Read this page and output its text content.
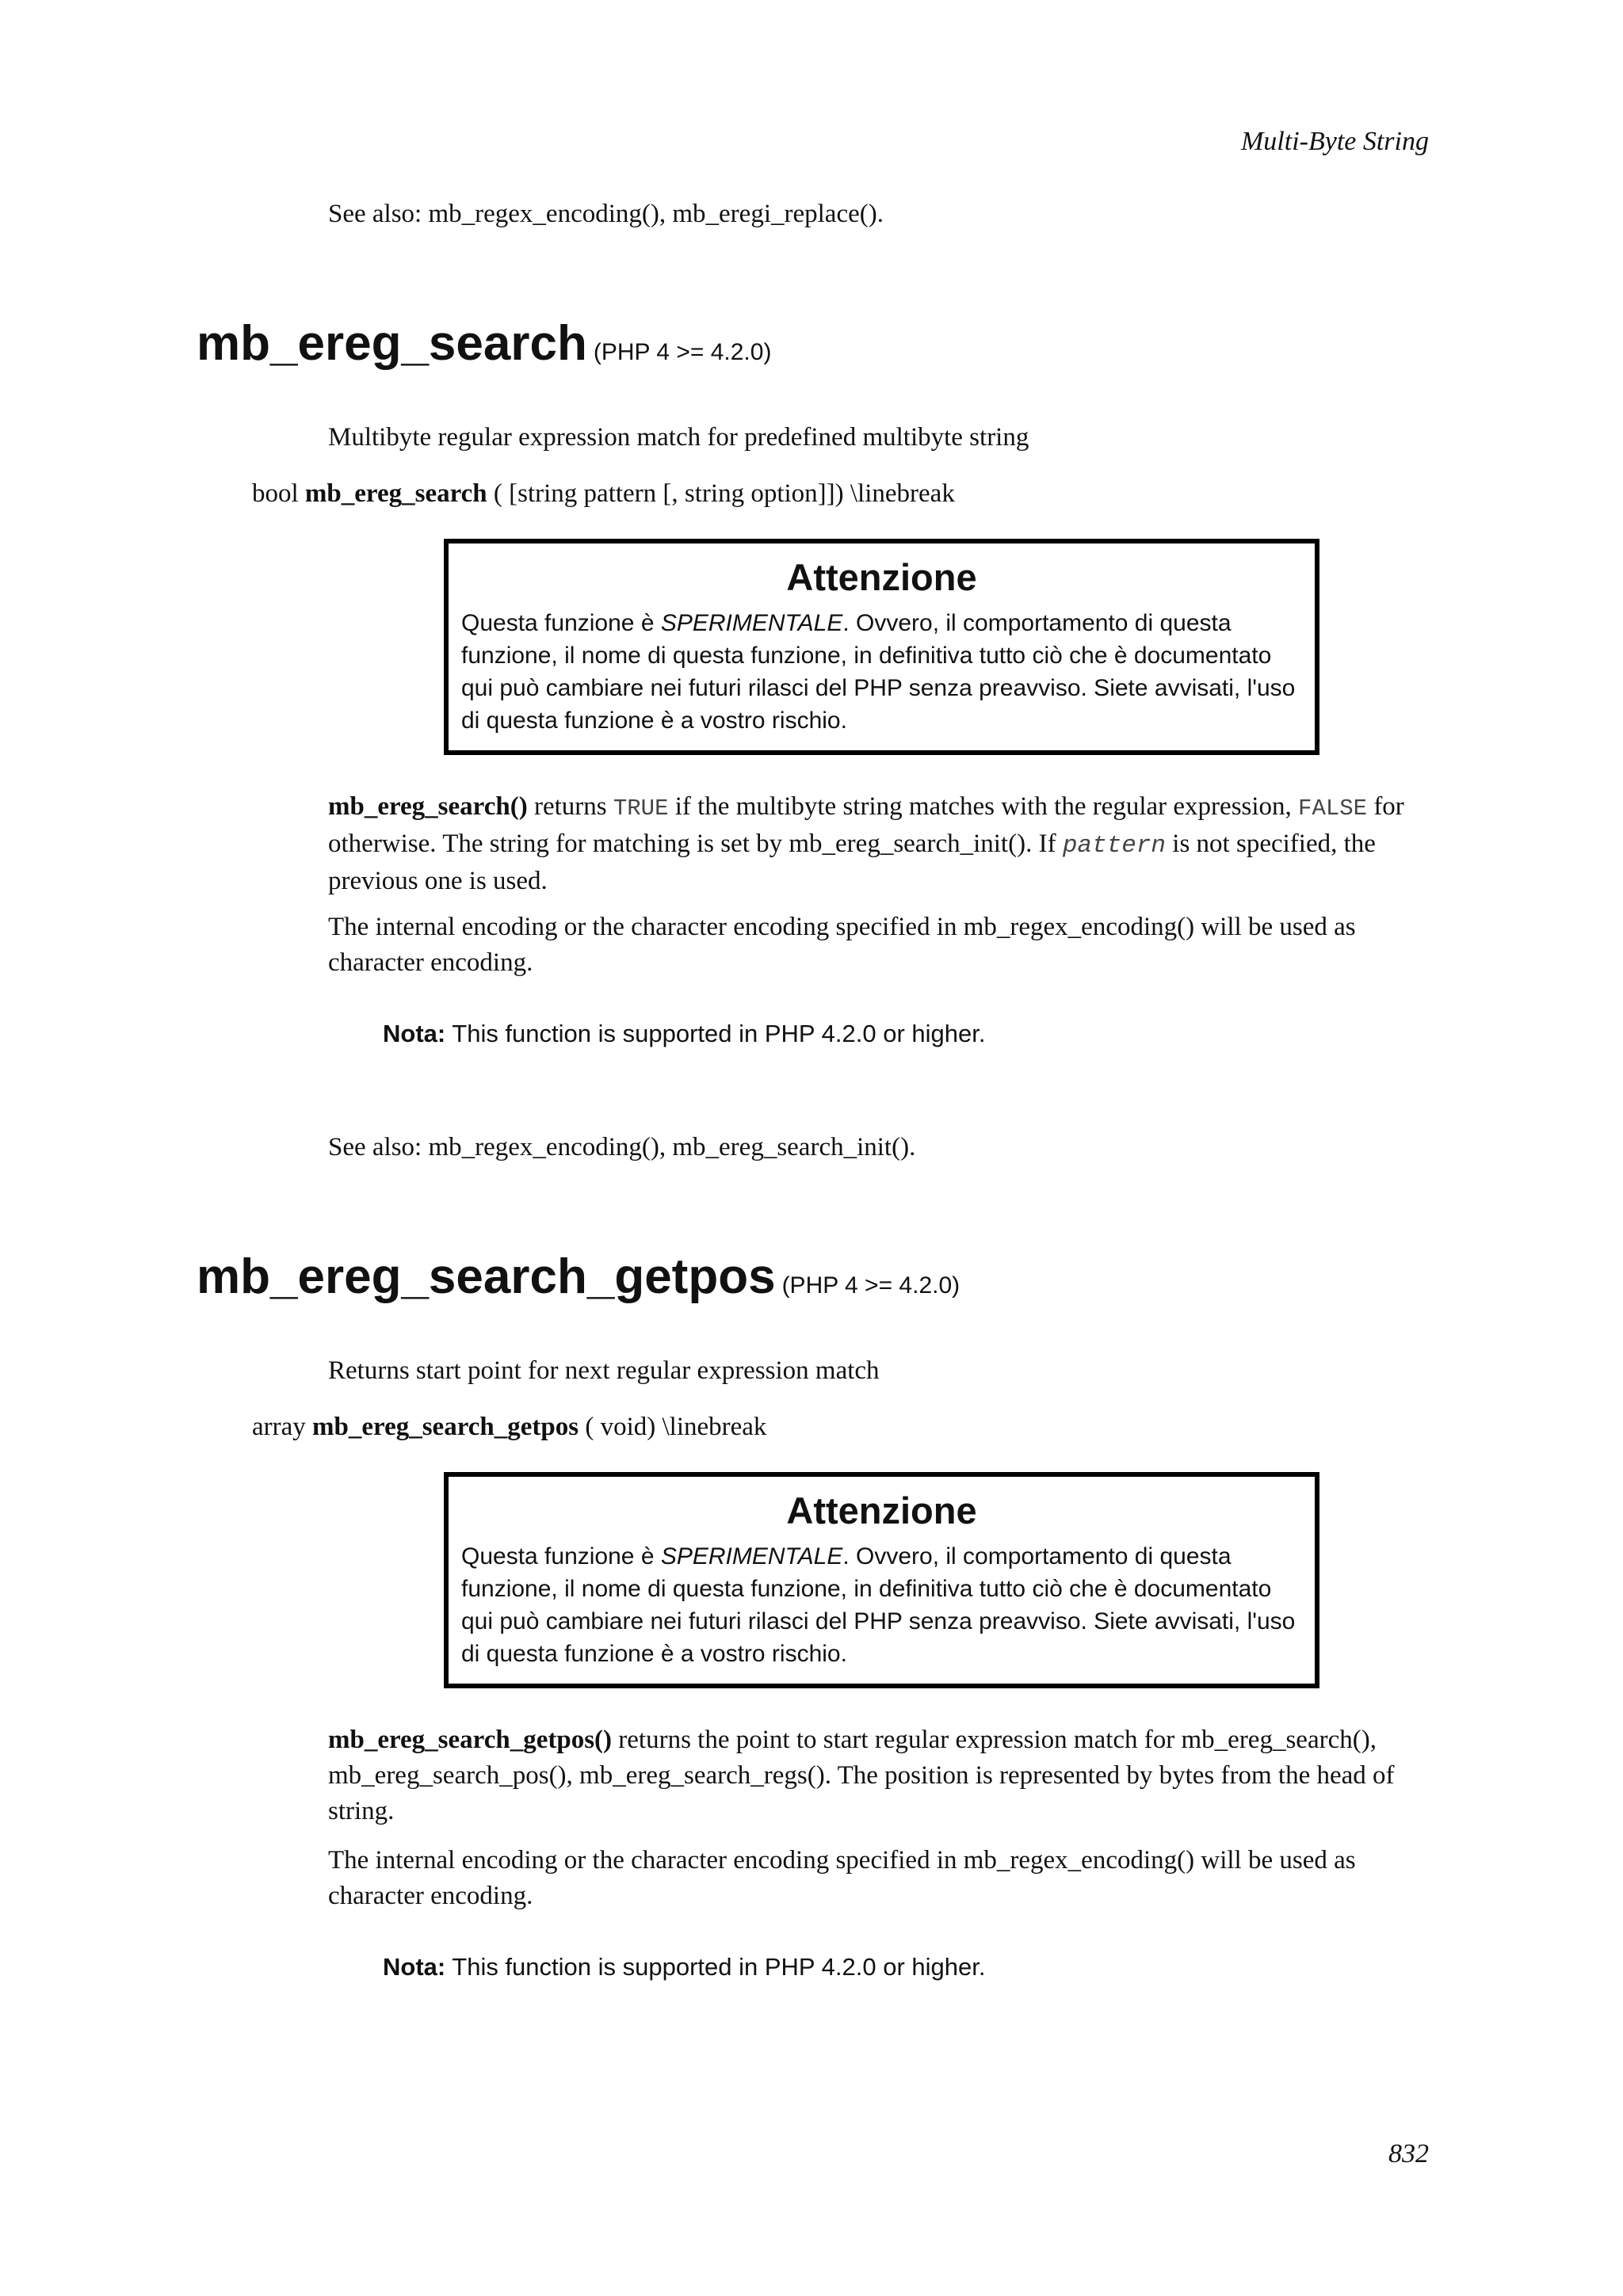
Multi-Byte String
See also: mb_regex_encoding(), mb_eregi_replace().
mb_ereg_search (PHP 4 >= 4.2.0)
Multibyte regular expression match for predefined multibyte string
bool mb_ereg_search ( [string pattern [, string option]]) \linebreak
Attenzione
Questa funzione è SPERIMENTALE. Ovvero, il comportamento di questa funzione, il nome di questa funzione, in definitiva tutto ciò che è documentato qui può cambiare nei futuri rilasci del PHP senza preavviso. Siete avvisati, l'uso di questa funzione è a vostro rischio.
mb_ereg_search() returns TRUE if the multibyte string matches with the regular expression, FALSE for otherwise. The string for matching is set by mb_ereg_search_init(). If pattern is not specified, the previous one is used.
The internal encoding or the character encoding specified in mb_regex_encoding() will be used as character encoding.
Nota: This function is supported in PHP 4.2.0 or higher.
See also: mb_regex_encoding(), mb_ereg_search_init().
mb_ereg_search_getpos (PHP 4 >= 4.2.0)
Returns start point for next regular expression match
array mb_ereg_search_getpos ( void) \linebreak
Attenzione
Questa funzione è SPERIMENTALE. Ovvero, il comportamento di questa funzione, il nome di questa funzione, in definitiva tutto ciò che è documentato qui può cambiare nei futuri rilasci del PHP senza preavviso. Siete avvisati, l'uso di questa funzione è a vostro rischio.
mb_ereg_search_getpos() returns the point to start regular expression match for mb_ereg_search(), mb_ereg_search_pos(), mb_ereg_search_regs(). The position is represented by bytes from the head of string.
The internal encoding or the character encoding specified in mb_regex_encoding() will be used as character encoding.
Nota: This function is supported in PHP 4.2.0 or higher.
832
